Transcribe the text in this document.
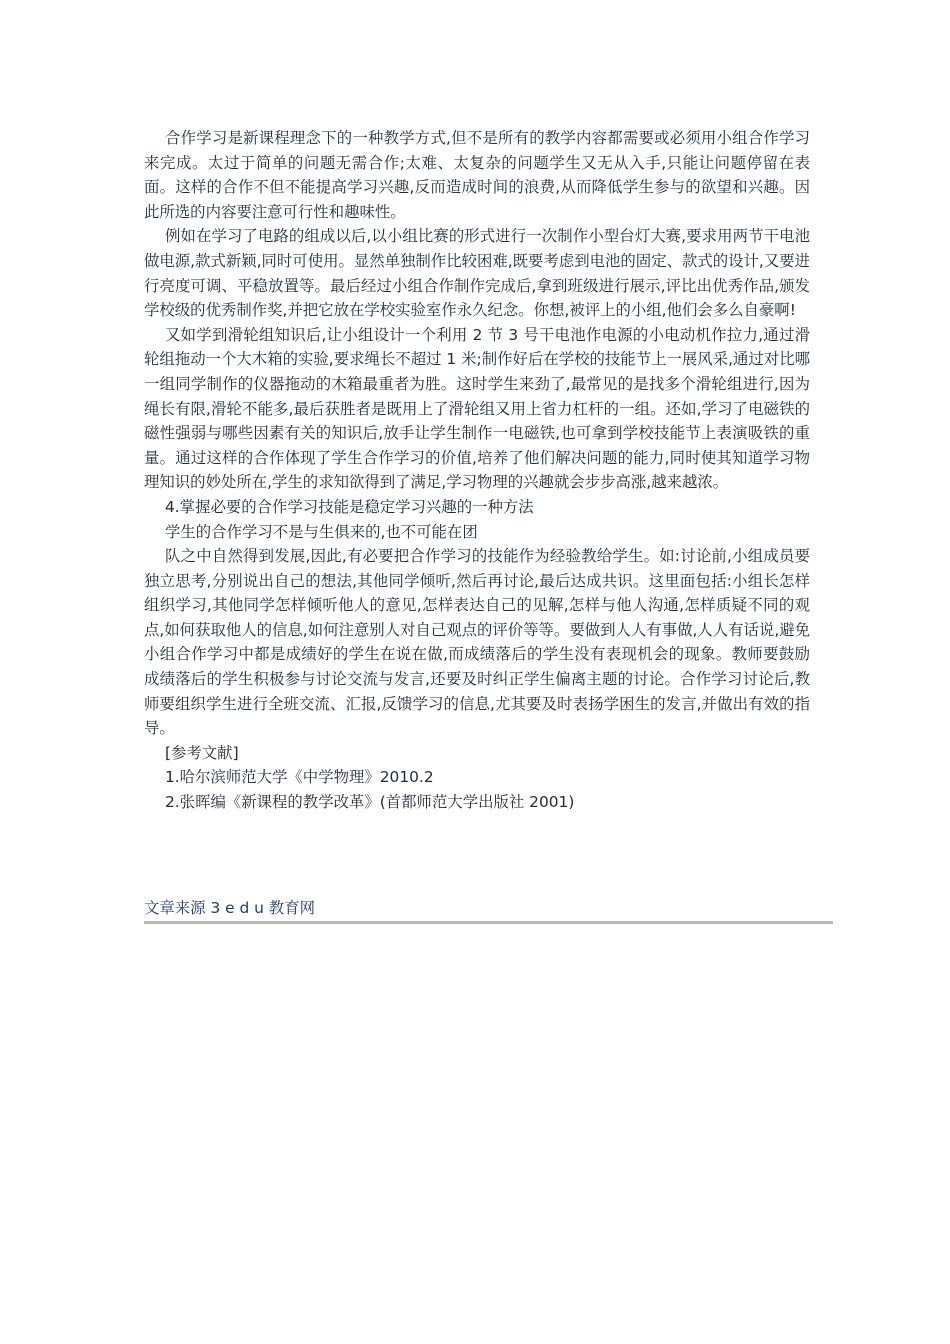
合作学习是新课程理念下的一种教学方式,但不是所有的教学内容都需要或必须用小组合作学习来完成。太过于简单的问题无需合作;太难、太复杂的问题学生又无从入手,只能让问题停留在表面。这样的合作不但不能提高学习兴趣,反而造成时间的浪费,从而降低学生参与的欲望和兴趣。因此所选的内容要注意可行性和趣味性。

例如在学习了电路的组成以后,以小组比赛的形式进行一次制作小型台灯大赛,要求用两节干电池做电源,款式新颖,同时可使用。显然单独制作比较困难,既要考虑到电池的固定、款式的设计,又要进行亮度可调、平稳放置等。最后经过小组合作制作完成后,拿到班级进行展示,评比出优秀作品,颁发学校级的优秀制作奖,并把它放在学校实验室作永久纪念。你想,被评上的小组,他们会多么自豪啊!

又如学到滑轮组知识后,让小组设计一个利用 2 节 3 号干电池作电源的小电动机作拉力,通过滑轮组拖动一个大木箱的实验,要求绳长不超过 1 米;制作好后在学校的技能节上一展风采,通过对比哪一组同学制作的仪器拖动的木箱最重者为胜。这时学生来劲了,最常见的是找多个滑轮组进行,因为绳长有限,滑轮不能多,最后获胜者是既用上了滑轮组又用上省力杠杆的一组。还如,学习了电磁铁的磁性强弱与哪些因素有关的知识后,放手让学生制作一电磁铁,也可拿到学校技能节上表演吸铁的重量。通过这样的合作体现了学生合作学习的价值,培养了他们解决问题的能力,同时使其知道学习物理知识的妙处所在,学生的求知欲得到了满足,学习物理的兴趣就会步步高涨,越来越浓。

4.掌握必要的合作学习技能是稳定学习兴趣的一种方法

学生的合作学习不是与生俱来的,也不可能在团

队之中自然得到发展,因此,有必要把合作学习的技能作为经验教给学生。如:讨论前,小组成员要独立思考,分别说出自己的想法,其他同学倾听,然后再讨论,最后达成共识。这里面包括:小组长怎样组织学习,其他同学怎样倾听他人的意见,怎样表达自己的见解,怎样与他人沟通,怎样质疑不同的观点,如何获取他人的信息,如何注意别人对自己观点的评价等等。要做到人人有事做,人人有话说,避免小组合作学习中都是成绩好的学生在说在做,而成绩落后的学生没有表现机会的现象。教师要鼓励成绩落后的学生积极参与讨论交流与发言,还要及时纠正学生偏离主题的讨论。合作学习讨论后,教师要组织学生进行全班交流、汇报,反馈学习的信息,尤其要及时表扬学困生的发言,并做出有效的指导。

[参考文献]
1.哈尔滨师范大学《中学物理》2010.2
2.张晖编《新课程的教学改革》(首都师范大学出版社 2001)
文章来源 3 e d u 教育网
